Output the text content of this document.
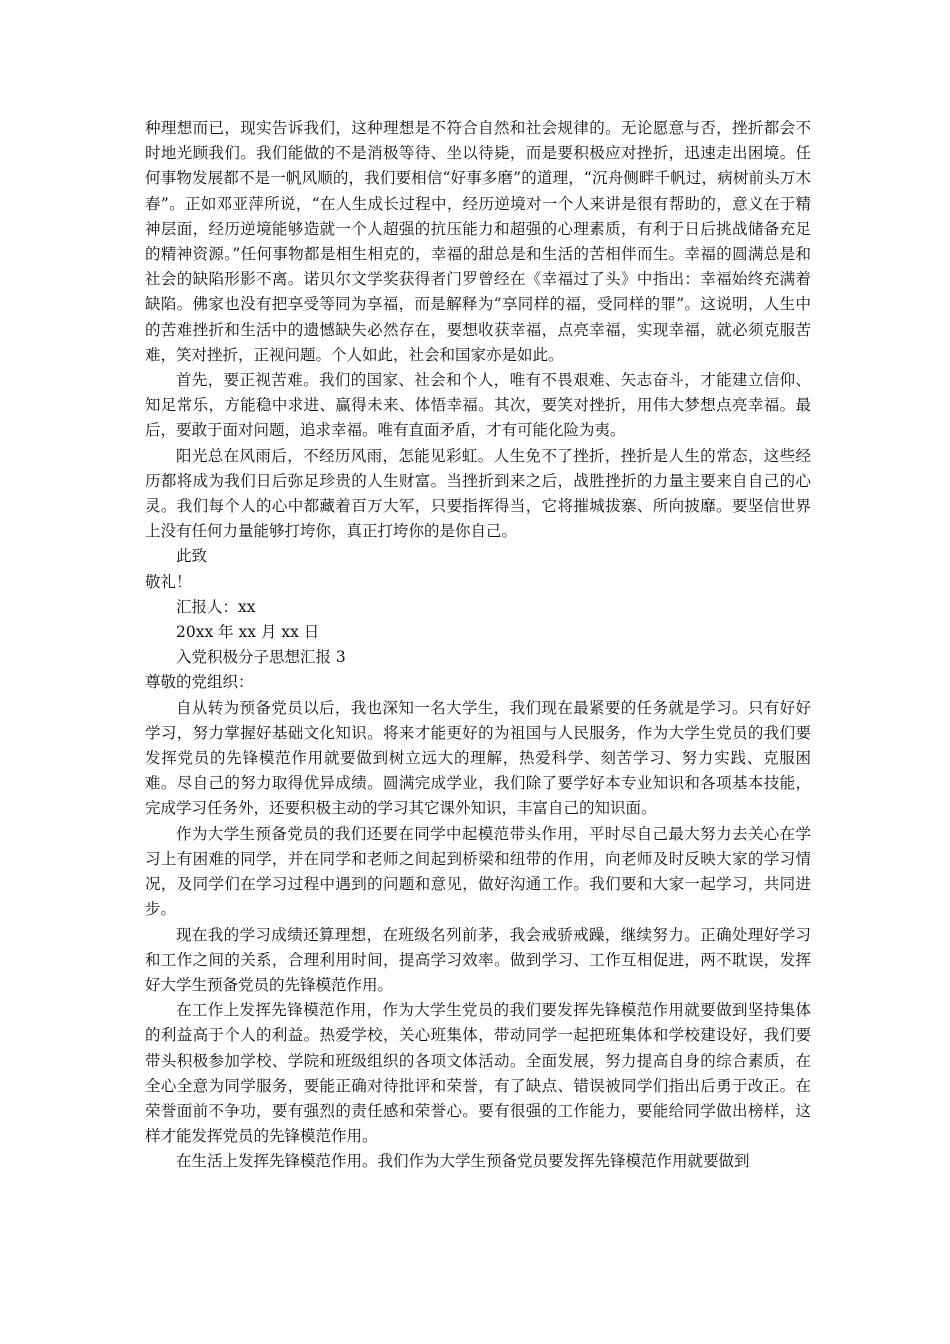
种理想而已，现实告诉我们，这种理想是不符合自然和社会规律的。无论愿意与否，挫折都会不时地光顾我们。我们能做的不是消极等待、坐以待毙，而是要积极应对挫折，迅速走出困境。任何事物发展都不是一帆风顺的，我们要相信“好事多磨”的道理，“沉舟侧畔千帆过，病树前头万木春”。正如邓亚萍所说，“在人生成长过程中，经历逆境对一个人来讲是很有帮助的，意义在于精神层面，经历逆境能够造就一个人超强的抗压能力和超强的心理素质，有利于日后挑战储备充足的精神资源。”任何事物都是相生相克的，幸福的甜总是和生活的苦相伴而生。幸福的圆满总是和社会的缺陷形影不离。诺贝尔文学奖获得者门罗曾经在《幸福过了头》中指出：幸福始终充满着缺陷。佛家也没有把享受等同为享福，而是解释为“享同样的福，受同样的罪”。这说明，人生中的苦难挫折和生活中的遗憾缺失必然存在，要想收获幸福，点亮幸福，实现幸福，就必须克服苦难，笑对挫折，正视问题。个人如此，社会和国家亦是如此。

首先，要正视苦难。我们的国家、社会和个人，唯有不畏艰难、矢志奋斗，才能建立信仰、知足常乐，方能稳中求进、赢得未来、体悟幸福。其次，要笑对挫折，用伟大梦想点亮幸福。最后，要敢于面对问题，追求幸福。唯有直面矛盾，才有可能化险为夷。

阳光总在风雨后，不经历风雨，怎能见彩虹。人生免不了挫折，挫折是人生的常态，这些经历都将成为我们日后弥足珍贵的人生财富。当挫折到来之后，战胜挫折的力量主要来自自己的心灵。我们每个人的心中都藏着百万大军，只要指挥得当，它将摧城拔寨、所向披靡。要坚信世界上没有任何力量能够打垮你，真正打垮你的是你自己。

此致

敬礼！

汇报人：xx

20xx 年 xx 月 xx 日

入党积极分子思想汇报 3

尊敬的党组织：

自从转为预备党员以后，我也深知一名大学生，我们现在最紧要的任务就是学习。只有好好学习，努力掌握好基础文化知识。将来才能更好的为祖国与人民服务，作为大学生党员的我们要发挥党员的先锋模范作用就要做到树立远大的理解，热爱科学、刻苦学习、努力实践、克服困难。尽自己的努力取得优异成绩。圆满完成学业，我们除了要学好本专业知识和各项基本技能，完成学习任务外，还要积极主动的学习其它课外知识，丰富自己的知识面。

作为大学生预备党员的我们还要在同学中起模范带头作用，平时尽自己最大努力去关心在学习上有困难的同学，并在同学和老师之间起到桥梁和纽带的作用，向老师及时反映大家的学习情况，及同学们在学习过程中遇到的问题和意见，做好沟通工作。我们要和大家一起学习，共同进步。

现在我的学习成绩还算理想，在班级名列前茅，我会戒骄戒躁，继续努力。正确处理好学习和工作之间的关系，合理利用时间，提高学习效率。做到学习、工作互相促进，两不耽误，发挥好大学生预备党员的先锋模范作用。

在工作上发挥先锋模范作用，作为大学生党员的我们要发挥先锋模范作用就要做到坚持集体的利益高于个人的利益。热爱学校，关心班集体，带动同学一起把班集体和学校建设好，我们要带头积极参加学校、学院和班级组织的各项文体活动。全面发展，努力提高自身的综合素质，在全心全意为同学服务，要能正确对待批评和荣誉，有了缺点、错误被同学们指出后勇于改正。在荣誉面前不争功，要有强烈的责任感和荣誉心。要有很强的工作能力，要能给同学做出榜样，这样才能发挥党员的先锋模范作用。

在生活上发挥先锋模范作用。我们作为大学生预备党员要发挥先锋模范作用就要做到
